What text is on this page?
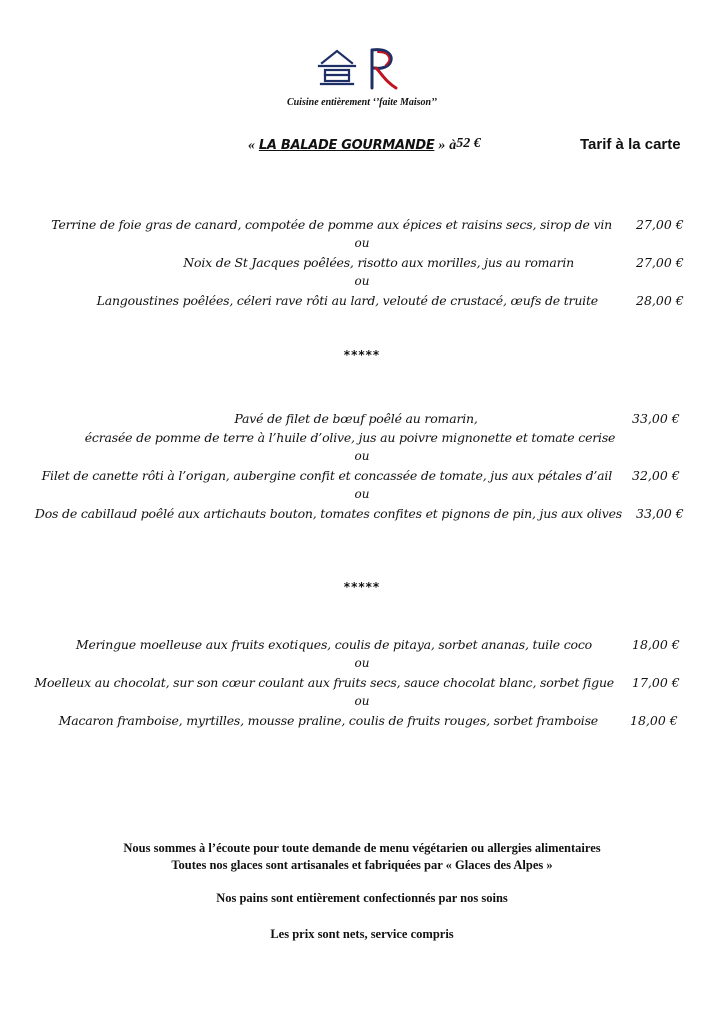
Cuisine entièrement ‘’faite Maison’’
« LA BALADE GOURMANDE » à 52 €	Tarif à la carte
Terrine de foie gras de canard, compotée de pomme aux épices et raisins secs, sirop de vin 27,00 €
ou
Noix de St Jacques poêlées, risotto aux morilles, jus au romarin	27,00 €
ou
Langoustines poêlées, céleri rave rôti au lard, velouté de crustacé, œufs de truite	28,00 €
*****
Pavé de filet de bœuf poêlé au romarin,	33,00 €
écrasée de pomme de terre à l’huile d’olive, jus au poivre mignonette et tomate cerise
ou
Filet de canette rôti à l’origan, aubergine confit et concassée de tomate, jus aux pétales d’ail 32,00 €
ou
Dos de cabillaud poêlé aux artichauts bouton, tomates confites et pignons de pin, jus aux olives 33,00 €
*****
Meringue moelleuse aux fruits exotiques, coulis de pitaya, sorbet ananas, tuile coco	18,00 €
ou
Moelleux au chocolat, sur son cœur coulant aux fruits secs, sauce chocolat blanc, sorbet figue 17,00 €
ou
Macaron framboise, myrtilles, mousse praline, coulis de fruits rouges, sorbet framboise	18,00 €
Nous sommes à l’écoute pour toute demande de menu végétarien ou allergies alimentaires
Toutes nos glaces sont artisanales et fabriquées par « Glaces des Alpes »
Nos pains sont entièrement confectionnés par nos soins
Les prix sont nets, service compris
